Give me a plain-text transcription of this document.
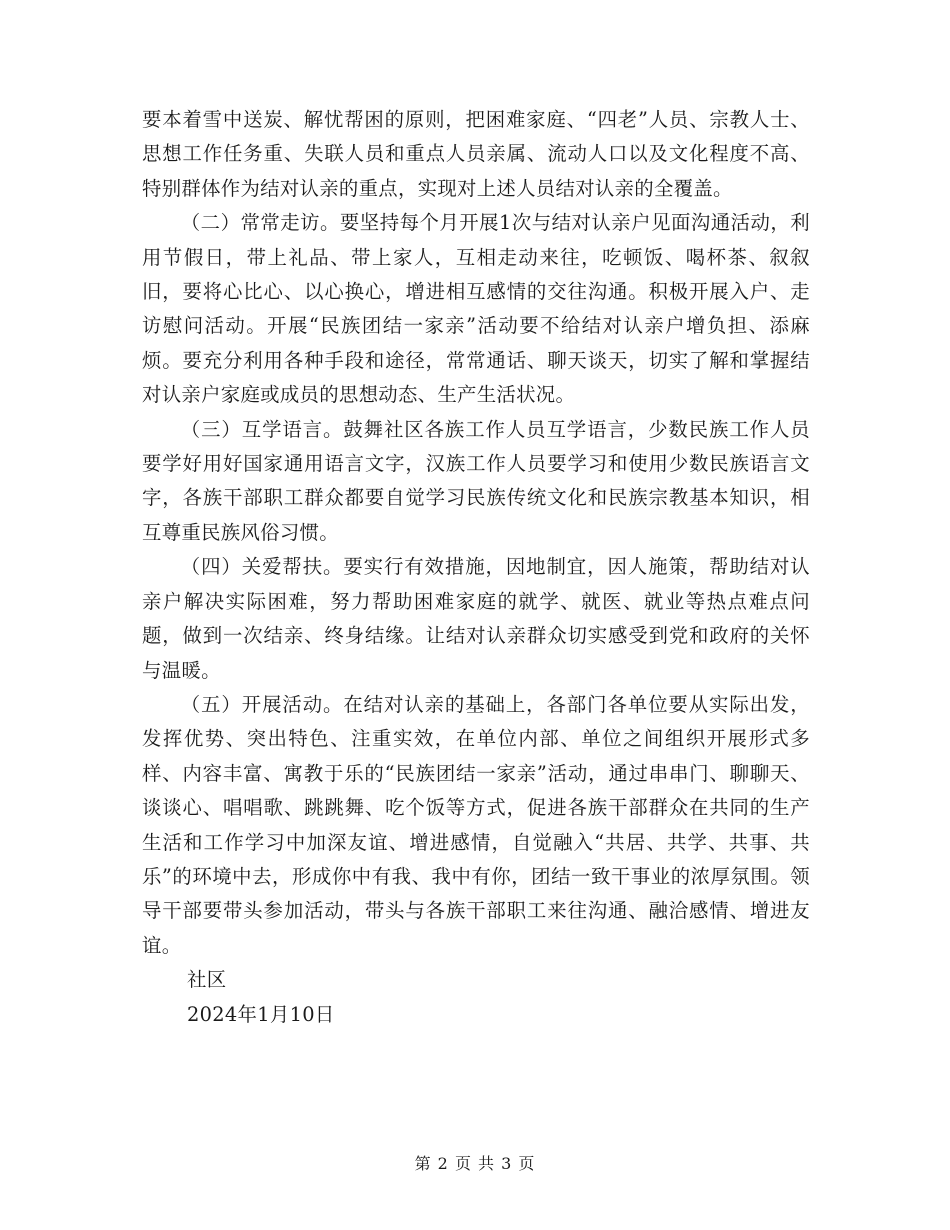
要本着雪中送炭、解忧帮困的原则，把困难家庭、“四老”人员、宗教人士、思想工作任务重、失联人员和重点人员亲属、流动人口以及文化程度不高、特别群体作为结对认亲的重点，实现对上述人员结对认亲的全覆盖。

（二）常常走访。要坚持每个月开展1次与结对认亲户见面沟通活动，利用节假日，带上礼品、带上家人，互相走动来往，吃顿饭、喝杯茶、叙叙旧，要将心比心、以心换心，增进相互感情的交往沟通。积极开展入户、走访慰问活动。开展“民族团结一家亲”活动要不给结对认亲户增负担、添麻烦。要充分利用各种手段和途径，常常通话、聊天谈天，切实了解和掌握结对认亲户家庭或成员的思想动态、生产生活状况。

（三）互学语言。鼓舞社区各族工作人员互学语言，少数民族工作人员要学好用好国家通用语言文字，汉族工作人员要学习和使用少数民族语言文字，各族干部职工群众都要自觉学习民族传统文化和民族宗教基本知识，相互尊重民族风俗习惯。

（四）关爱帮扶。要实行有效措施，因地制宜，因人施策，帮助结对认亲户解决实际困难，努力帮助困难家庭的就学、就医、就业等热点难点问题，做到一次结亲、终身结缘。让结对认亲群众切实感受到党和政府的关怀与温暖。

（五）开展活动。在结对认亲的基础上，各部门各单位要从实际出发，发挥优势、突出特色、注重实效，在单位内部、单位之间组织开展形式多样、内容丰富、寓教于乐的“民族团结一家亲”活动，通过串串门、聊聊天、谈谈心、唱唱歌、跳跳舞、吃个饭等方式，促进各族干部群众在共同的生产生活和工作学习中加深友谊、增进感情，自觉融入“共居、共学、共事、共乐”的环境中去，形成你中有我、我中有你，团结一致干事业的浓厚氛围。领导干部要带头参加活动，带头与各族干部职工来往沟通、融洽感情、增进友谊。

社区

2024年1月10日

第 2 页 共 3 页
